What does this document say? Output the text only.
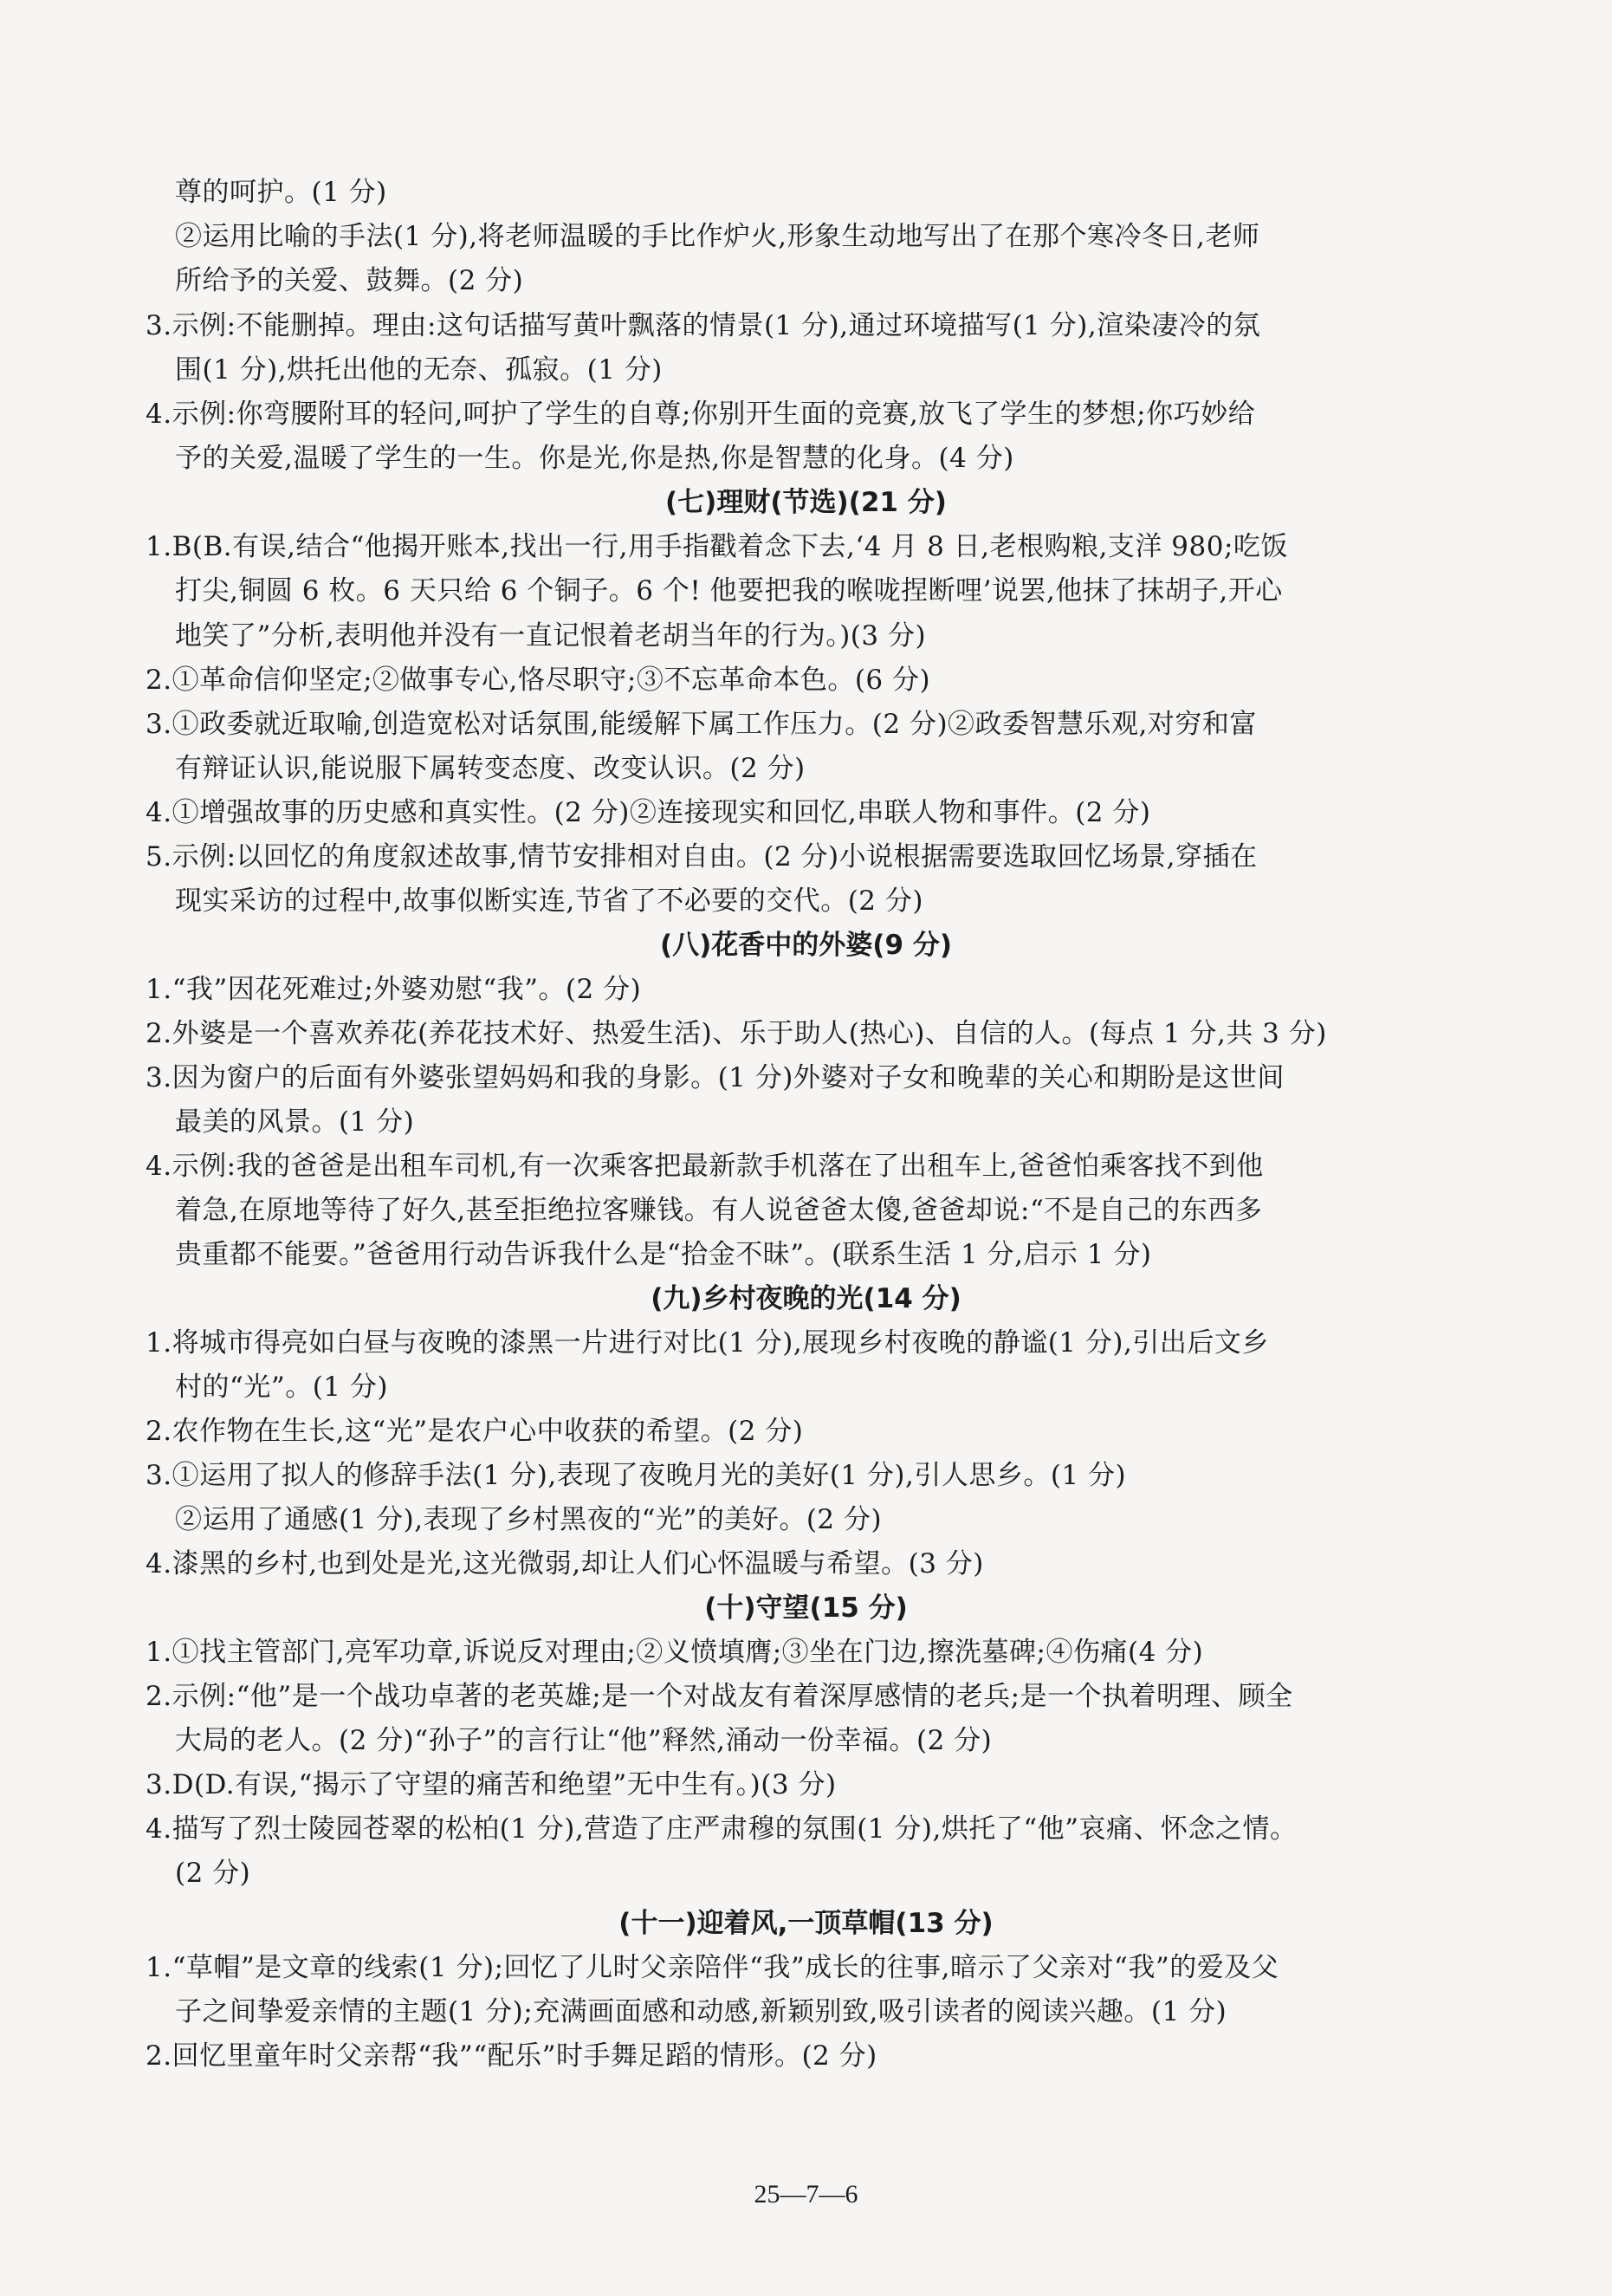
尊的呵护。(1 分)
②运用比喻的手法(1 分),将老师温暖的手比作炉火,形象生动地写出了在那个寒冷冬日,老师
所给予的关爱、鼓舞。(2 分)
3.示例:不能删掉。理由:这句话描写黄叶飘落的情景(1 分),通过环境描写(1 分),渲染凄冷的氛
围(1 分),烘托出他的无奈、孤寂。(1 分)
4.示例:你弯腰附耳的轻问,呵护了学生的自尊;你别开生面的竞赛,放飞了学生的梦想;你巧妙给
予的关爱,温暖了学生的一生。你是光,你是热,你是智慧的化身。(4 分)
(七)理财(节选)(21 分)
1.B(B.有误,结合“他揭开账本,找出一行,用手指戳着念下去,‘4 月 8 日,老根购粮,支洋 980;吃饭
打尖,铜圆 6 枚。6 天只给 6 个铜子。6 个! 他要把我的喉咙捏断哩’说罢,他抹了抹胡子,开心
地笑了”分析,表明他并没有一直记恨着老胡当年的行为。)(3 分)
2.①革命信仰坚定;②做事专心,恪尽职守;③不忘革命本色。(6 分)
3.①政委就近取喻,创造宽松对话氛围,能缓解下属工作压力。(2 分)②政委智慧乐观,对穷和富
有辩证认识,能说服下属转变态度、改变认识。(2 分)
4.①增强故事的历史感和真实性。(2 分)②连接现实和回忆,串联人物和事件。(2 分)
5.示例:以回忆的角度叙述故事,情节安排相对自由。(2 分)小说根据需要选取回忆场景,穿插在
现实采访的过程中,故事似断实连,节省了不必要的交代。(2 分)
(八)花香中的外婆(9 分)
1.“我”因花死难过;外婆劝慰“我”。(2 分)
2.外婆是一个喜欢养花(养花技术好、热爱生活)、乐于助人(热心)、自信的人。(每点 1 分,共 3 分)
3.因为窗户的后面有外婆张望妈妈和我的身影。(1 分)外婆对子女和晚辈的关心和期盼是这世间
最美的风景。(1 分)
4.示例:我的爸爸是出租车司机,有一次乘客把最新款手机落在了出租车上,爸爸怕乘客找不到他
着急,在原地等待了好久,甚至拒绝拉客赚钱。有人说爸爸太傻,爸爸却说:“不是自己的东西多
贵重都不能要。”爸爸用行动告诉我什么是“拾金不昧”。(联系生活 1 分,启示 1 分)
(九)乡村夜晚的光(14 分)
1.将城市得亮如白昼与夜晚的漆黑一片进行对比(1 分),展现乡村夜晚的静谧(1 分),引出后文乡
村的“光”。(1 分)
2.农作物在生长,这“光”是农户心中收获的希望。(2 分)
3.①运用了拟人的修辞手法(1 分),表现了夜晚月光的美好(1 分),引人思乡。(1 分)
②运用了通感(1 分),表现了乡村黑夜的“光”的美好。(2 分)
4.漆黑的乡村,也到处是光,这光微弱,却让人们心怀温暖与希望。(3 分)
(十)守望(15 分)
1.①找主管部门,亮军功章,诉说反对理由;②义愤填膺;③坐在门边,擦洗墓碑;④伤痛(4 分)
2.示例:“他”是一个战功卓著的老英雄;是一个对战友有着深厚感情的老兵;是一个执着明理、顾全
大局的老人。(2 分)“孙子”的言行让“他”释然,涌动一份幸福。(2 分)
3.D(D.有误,“揭示了守望的痛苦和绝望”无中生有。)(3 分)
4.描写了烈士陵园苍翠的松柏(1 分),营造了庄严肃穆的氛围(1 分),烘托了“他”哀痛、怀念之情。
(2 分)
(十一)迎着风,一顶草帽(13 分)
1.“草帽”是文章的线索(1 分);回忆了儿时父亲陪伴“我”成长的往事,暗示了父亲对“我”的爱及父
子之间挚爱亲情的主题(1 分);充满画面感和动感,新颖别致,吸引读者的阅读兴趣。(1 分)
2.回忆里童年时父亲帮“我”“配乐”时手舞足蹈的情形。(2 分)
25—7—6
